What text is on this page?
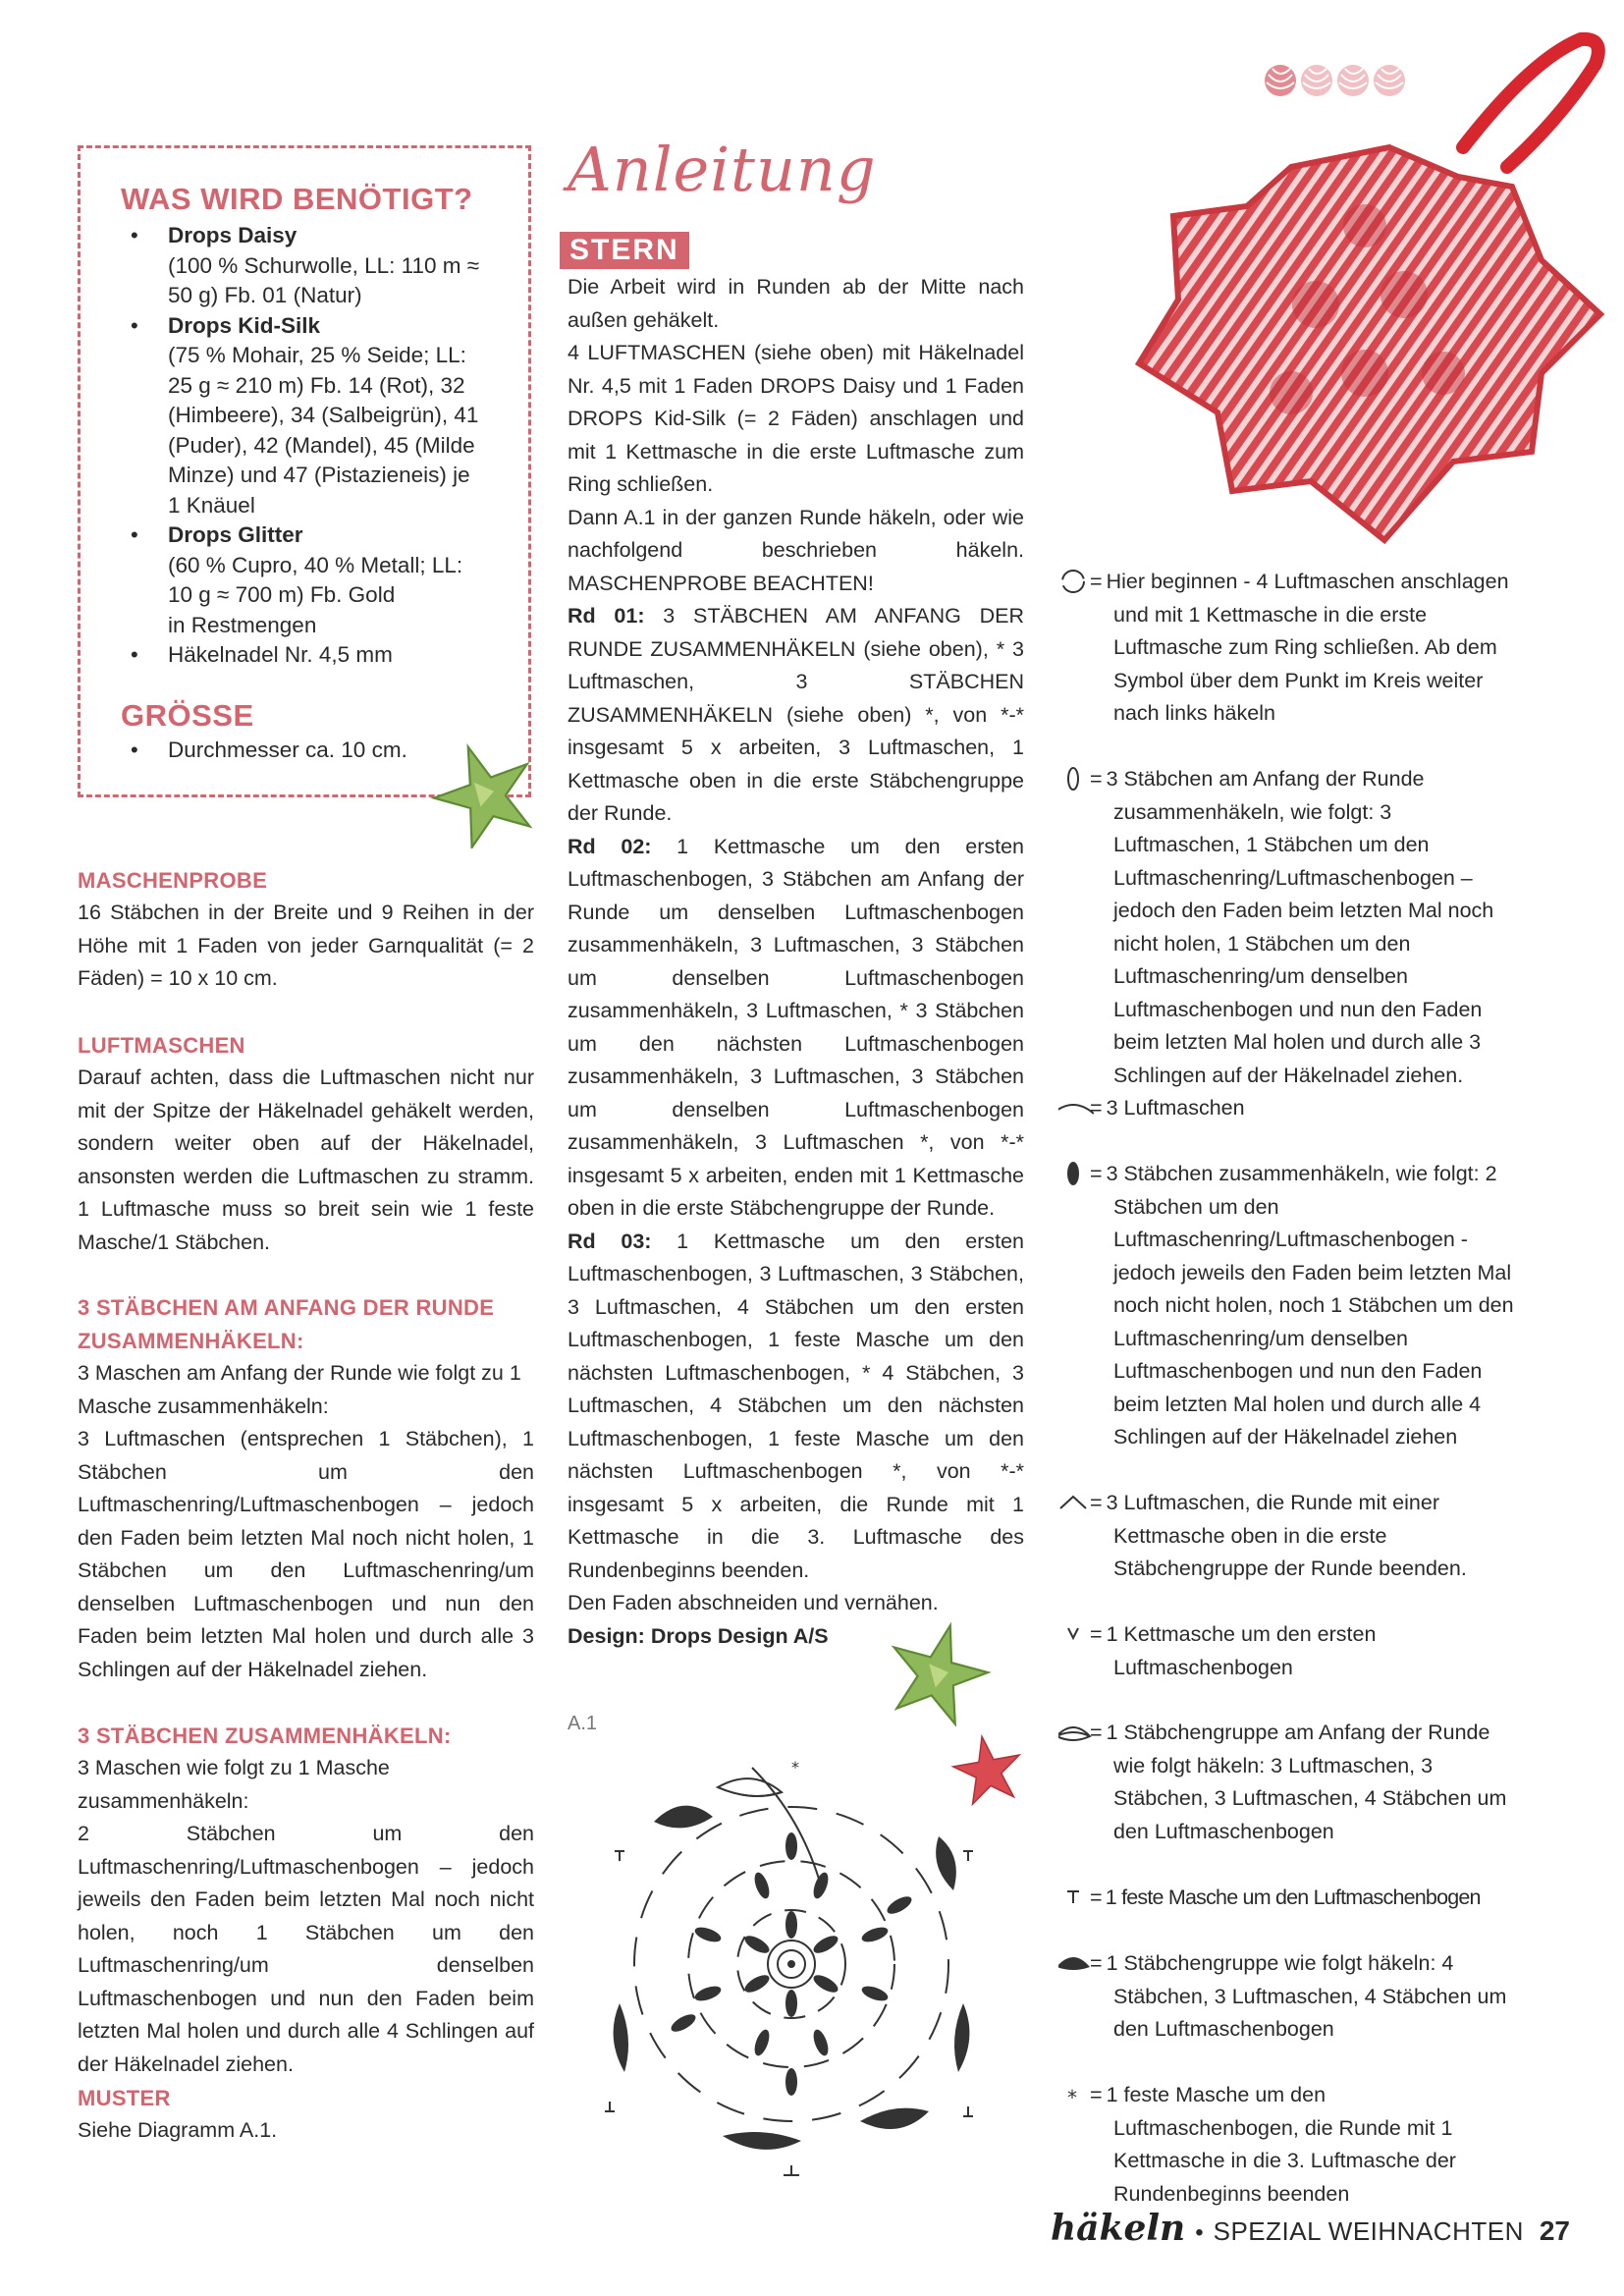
WAS WIRD BENÖTIGT?
• Drops Daisy
(100 % Schurwolle, LL: 110 m ≈
50 g) Fb. 01 (Natur)
• Drops Kid-Silk
(75 % Mohair, 25 % Seide; LL:
25 g ≈ 210 m) Fb. 14 (Rot), 32
(Himbeere), 34 (Salbeigrün), 41
(Puder), 42 (Mandel), 45 (Milde
Minze) und 47 (Pistazieneis) je
1 Knäuel
• Drops Glitter
(60 % Cupro, 40 % Metall; LL:
10 g ≈ 700 m) Fb. Gold
in Restmengen
• Häkelnadel Nr. 4,5 mm
GRÖSSE
• Durchmesser ca. 10 cm.
MASCHENPROBE
16 Stäbchen in der Breite und 9 Reihen in der Höhe mit 1 Faden von jeder Garnqualität (= 2 Fäden) = 10 x 10 cm.
LUFTMASCHEN
Darauf achten, dass die Luftmaschen nicht nur mit der Spitze der Häkelnadel gehäkelt werden, sondern weiter oben auf der Häkelnadel, ansonsten werden die Luftmaschen zu stramm. 1 Luftmasche muss so breit sein wie 1 feste Masche/1 Stäbchen.
3 STÄBCHEN AM ANFANG DER RUNDE
ZUSAMMENHÄKELN:
3 Maschen am Anfang der Runde wie folgt zu 1 Masche zusammenhäkeln:
3 Luftmaschen (entsprechen 1 Stäbchen), 1 Stäbchen um den Luftmaschenring/Luftmaschenbogen – jedoch den Faden beim letzten Mal noch nicht holen, 1 Stäbchen um den Luftmaschenring/um denselben Luftmaschenbogen und nun den Faden beim letzten Mal holen und durch alle 3 Schlingen auf der Häkelnadel ziehen.
3 STÄBCHEN ZUSAMMENHÄKELN:
3 Maschen wie folgt zu 1 Masche zusammenhäkeln:
2 Stäbchen um den Luftmaschenring/Luftmaschenbogen – jedoch jeweils den Faden beim letzten Mal noch nicht holen, noch 1 Stäbchen um den Luftmaschenring/um denselben Luftmaschenbogen und nun den Faden beim letzten Mal holen und durch alle 4 Schlingen auf der Häkelnadel ziehen.
MUSTER
Siehe Diagramm A.1.
Anleitung
STERN
Die Arbeit wird in Runden ab der Mitte nach außen gehäkelt.
4 LUFTMASCHEN (siehe oben) mit Häkelnadel Nr. 4,5 mit 1 Faden DROPS Daisy und 1 Faden DROPS Kid-Silk (= 2 Fäden) anschlagen und mit 1 Kettmasche in die erste Luftmasche zum Ring schließen.
Dann A.1 in der ganzen Runde häkeln, oder wie nachfolgend beschrieben häkeln. MASCHENPROBE BEACHTEN!
Rd 01: 3 STÄBCHEN AM ANFANG DER RUNDE ZUSAMMENHÄKELN (siehe oben), * 3 Luftmaschen, 3 STÄBCHEN ZUSAMMENHÄKELN (siehe oben) *, von *-* insgesamt 5 x arbeiten, 3 Luftmaschen, 1 Kettmasche oben in die erste Stäbchengruppe der Runde.
Rd 02: 1 Kettmasche um den ersten Luftmaschenbogen, 3 Stäbchen am Anfang der Runde um denselben Luftmaschenbogen zusammenhäkeln, 3 Luftmaschen, 3 Stäbchen um denselben Luftmaschenbogen zusammenhäkeln, 3 Luftmaschen, * 3 Stäbchen um den nächsten Luftmaschenbogen zusammenhäkeln, 3 Luftmaschen, 3 Stäbchen um denselben Luftmaschenbogen zusammenhäkeln, 3 Luftmaschen *, von *-* insgesamt 5 x arbeiten, enden mit 1 Kettmasche oben in die erste Stäbchengruppe der Runde.
Rd 03: 1 Kettmasche um den ersten Luftmaschenbogen, 3 Luftmaschen, 3 Stäbchen, 3 Luftmaschen, 4 Stäbchen um den ersten Luftmaschenbogen, 1 feste Masche um den nächsten Luftmaschenbogen, * 4 Stäbchen, 3 Luftmaschen, 4 Stäbchen um den nächsten Luftmaschenbogen, 1 feste Masche um den nächsten Luftmaschenbogen *, von *-* insgesamt 5 x arbeiten, die Runde mit 1 Kettmasche in die 3. Luftmasche des Rundenbeginns beenden.
Den Faden abschneiden und vernähen.
Design: Drops Design A/S
A.1
*
= Hier beginnen - 4 Luftmaschen anschlagen und mit 1 Kettmasche in die erste Luftmasche zum Ring schließen. Ab dem Symbol über dem Punkt im Kreis weiter nach links häkeln
= 3 Stäbchen am Anfang der Runde zusammenhäkeln, wie folgt: 3 Luftmaschen, 1 Stäbchen um den Luftmaschenring/Luftmaschenbogen – jedoch den Faden beim letzten Mal noch nicht holen, 1 Stäbchen um den Luftmaschenring/um denselben Luftmaschenbogen und nun den Faden beim letzten Mal holen und durch alle 3 Schlingen auf der Häkelnadel ziehen.
= 3 Luftmaschen
= 3 Stäbchen zusammenhäkeln, wie folgt: 2 Stäbchen um den Luftmaschenring/Luftmaschenbogen - jedoch jeweils den Faden beim letzten Mal noch nicht holen, noch 1 Stäbchen um den Luftmaschenring/um denselben Luftmaschenbogen und nun den Faden beim letzten Mal holen und durch alle 4 Schlingen auf der Häkelnadel ziehen
= 3 Luftmaschen, die Runde mit einer Kettmasche oben in die erste Stäbchengruppe der Runde beenden.
= 1 Kettmasche um den ersten Luftmaschenbogen
= 1 Stäbchengruppe am Anfang der Runde wie folgt häkeln: 3 Luftmaschen, 3 Stäbchen, 3 Luftmaschen, 4 Stäbchen um den Luftmaschenbogen
= 1 feste Masche um den Luftmaschenbogen
= 1 Stäbchengruppe wie folgt häkeln: 4 Stäbchen, 3 Luftmaschen, 4 Stäbchen um den Luftmaschenbogen
* = 1 feste Masche um den Luftmaschenbogen, die Runde mit 1 Kettmasche in die 3. Luftmasche der Rundenbeginns beenden
häkeln • SPEZIAL WEIHNACHTEN 27
